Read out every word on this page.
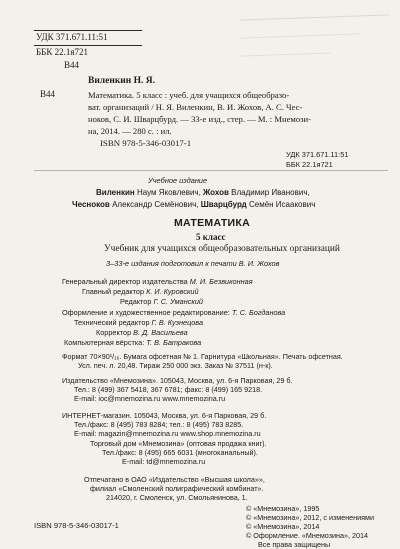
УДК 371.671.11:51
ББК 22.1я721
В44
Виленкин Н. Я.
В44	Математика. 5 класс : учеб. для учащихся общеобразо-
ват. организаций / Н. Я. Виленкин, В. И. Жохов, А. С. Чес-
ноков, С. И. Шварцбурд. — 33-е изд., стер. — М. : Мнемози-
на, 2014. — 280 с. : ил.
ISBN 978-5-346-03017-1
УДК 371.671.11:51
ББК 22.1я721
Учебное издание
Виленкин Наум Яковлевич, Жохов Владимир Иванович,
Чесноков Александр Семёнович, Шварцбурд Семён Исаакович
МАТЕМАТИКА
5 класс
Учебник для учащихся общеобразовательных организаций
3–33-е издания подготовил к печати В. И. Жохов
Генеральный директор издательства М. И. Безвиконная
Главный редактор К. И. Куровский
Редактор Г. С. Уманский
Оформление и художественное редактирование: Т. С. Богданова
Технический редактор Г. В. Кузнецова
Корректор В. Д. Васильева
Компьютерная вёрстка: Т. В. Батракова
Формат 70×90¹/₁₆. Бумага офсетная № 1. Гарнитура «Школьная». Печать офсетная.
Усл. печ. л. 20,48. Тираж 250 000 экз. Заказ № 37511 (н-к).
Издательство «Мнемозина». 105043, Москва, ул. 6-я Парковая, 29 б.
Тел.: 8 (499) 367 5418, 367 6781; факс: 8 (499) 165 9218.
E-mail: ioc@mnemozina.ru www.mnemozina.ru
ИНТЕРНЕТ-магазин. 105043, Москва, ул. 6-я Парковая, 29 б.
Тел./факс: 8 (495) 783 8284; тел.: 8 (495) 783 8285.
E-mail: magazin@mnemozina.ru www.shop.mnemozina.ru
Торговый дом «Мнемозина» (оптовая продажа книг).
Тел./факс: 8 (495) 665 6031 (многоканальный).
E-mail: td@mnemozina.ru
Отпечатано в ОАО «Издательство «Высшая школа»»,
филиал «Смоленский полиграфический комбинат».
214020, г. Смоленск, ул. Смольянинова, 1.
© «Мнемозина», 1995
© «Мнемозина», 2012, с изменениями
© «Мнемозина», 2014
© Оформление. «Мнемозина», 2014
Все права защищены
ISBN 978-5-346-03017-1
